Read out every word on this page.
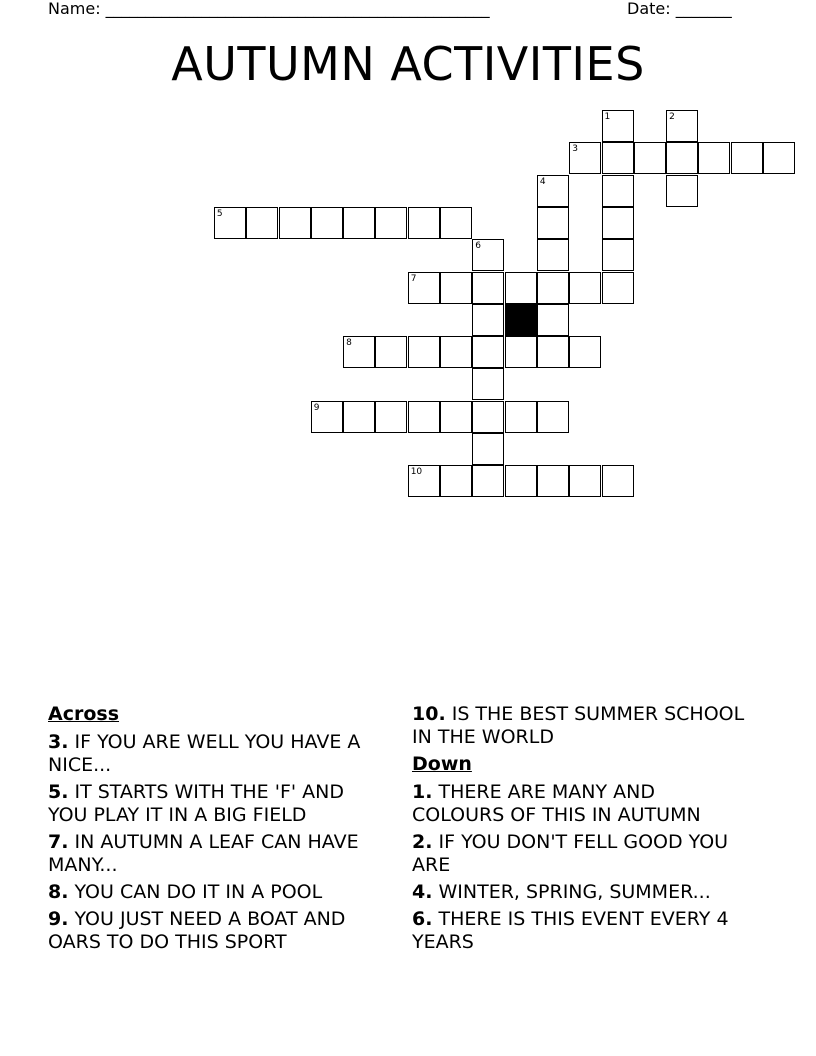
Name: ________________________________________________	Date: _______
AUTUMN ACTIVITIES
1	2
3
4
5
6
7
8
9
10
Across
3. IF YOU ARE WELL YOU HAVE A NICE...
5. IT STARTS WITH THE 'F' AND YOU PLAY IT IN A BIG FIELD
7. IN AUTUMN A LEAF CAN HAVE MANY...
8. YOU CAN DO IT IN A POOL
9. YOU JUST NEED A BOAT AND OARS TO DO THIS SPORT
10. IS THE BEST SUMMER SCHOOL IN THE WORLD
Down
1. THERE ARE MANY AND COLOURS OF THIS IN AUTUMN
2. IF YOU DON'T FELL GOOD YOU ARE
4. WINTER, SPRING, SUMMER...
6. THERE IS THIS EVENT EVERY 4 YEARS
